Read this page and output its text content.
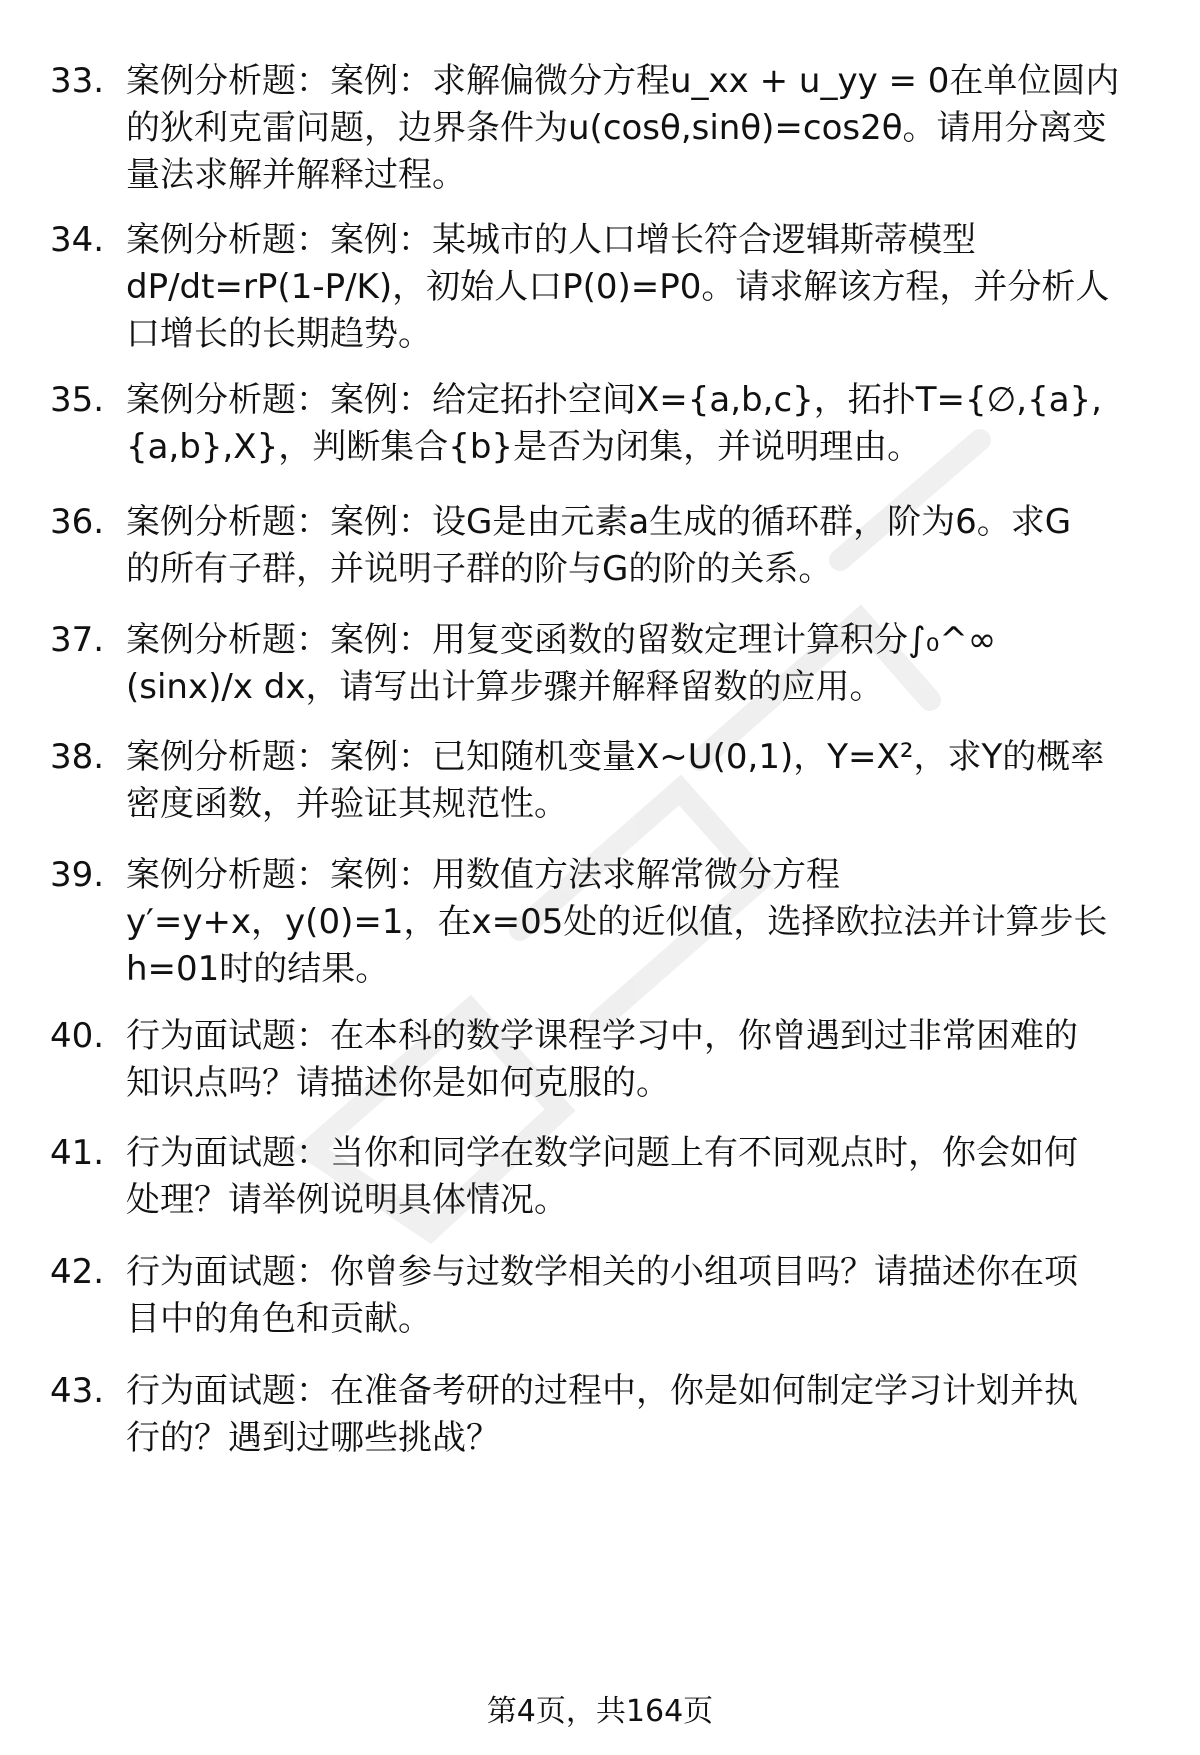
33. 案例分析题：案例：求解偏微分方程u_xx + u_yy = 0在单位圆内
的狄利克雷问题，边界条件为u(cosθ,sinθ)=cos2θ。请用分离变
量法求解并解释过程。

34. 案例分析题：案例：某城市的人口增长符合逻辑斯蒂模型
dP/dt=rP(1-P/K)，初始人口P(0)=P0。请求解该方程，并分析人
口增长的长期趋势。

35. 案例分析题：案例：给定拓扑空间X={a,b,c}，拓扑T={∅,{a},
{a,b},X}，判断集合{b}是否为闭集，并说明理由。

36. 案例分析题：案例：设G是由元素a生成的循环群，阶为6。求G
的所有子群，并说明子群的阶与G的阶的关系。

37. 案例分析题：案例：用复变函数的留数定理计算积分∫₀^∞
(sinx)/x dx，请写出计算步骤并解释留数的应用。

38. 案例分析题：案例：已知随机变量X~U(0,1)，Y=X²，求Y的概率
密度函数，并验证其规范性。

39. 案例分析题：案例：用数值方法求解常微分方程
y′=y+x，y(0)=1，在x=05处的近似值，选择欧拉法并计算步长
h=01时的结果。

40. 行为面试题：在本科的数学课程学习中，你曾遇到过非常困难的
知识点吗？请描述你是如何克服的。

41. 行为面试题：当你和同学在数学问题上有不同观点时，你会如何
处理？请举例说明具体情况。

42. 行为面试题：你曾参与过数学相关的小组项目吗？请描述你在项
目中的角色和贡献。

43. 行为面试题：在准备考研的过程中，你是如何制定学习计划并执
行的？遇到过哪些挑战？

第4页，共164页
